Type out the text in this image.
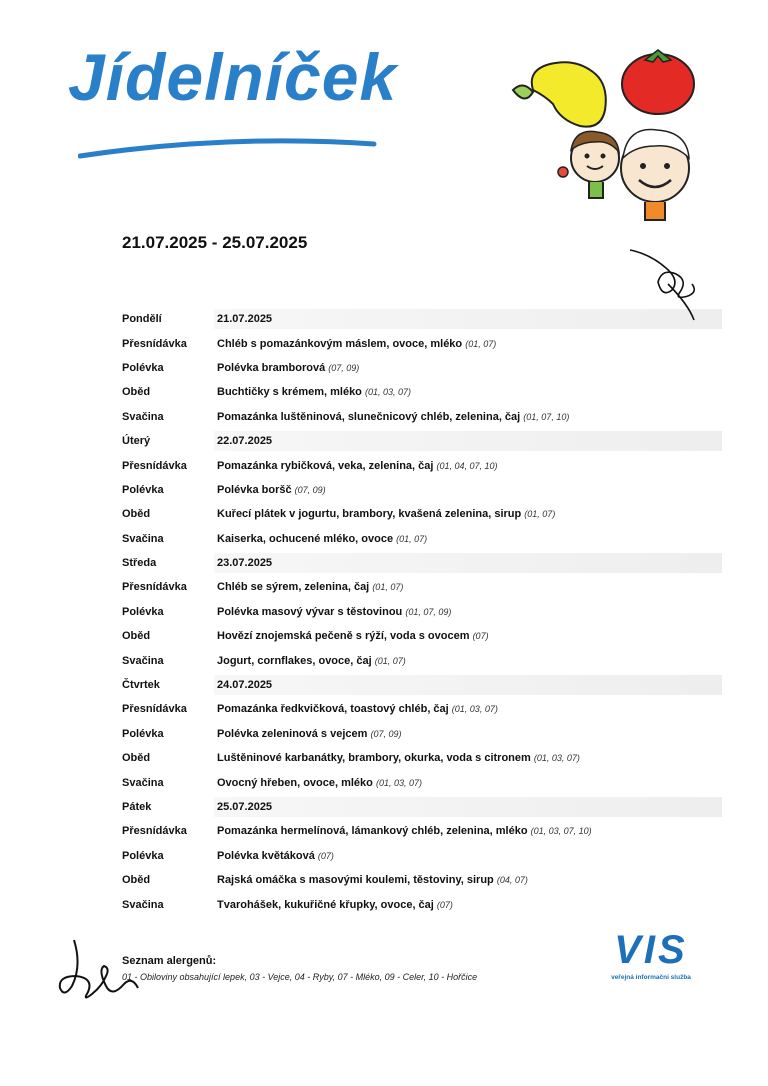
Jídelníček
21.07.2025 - 25.07.2025
Pondělí	21.07.2025
Přesnídávka	Chléb s pomazánkovým máslem, ovoce, mléko (01, 07)
Polévka	Polévka bramborová (07, 09)
Oběd	Buchtičky s krémem, mléko (01, 03, 07)
Svačina	Pomazánka luštěninová, slunečnicový chléb, zelenina, čaj (01, 07, 10)
Úterý	22.07.2025
Přesnídávka	Pomazánka rybičková, veka, zelenina, čaj (01, 04, 07, 10)
Polévka	Polévka boršč (07, 09)
Oběd	Kuřecí plátek v jogurtu, brambory, kvašená zelenina, sirup (01, 07)
Svačina	Kaiserka, ochucené mléko, ovoce (01, 07)
Středa	23.07.2025
Přesnídávka	Chléb se sýrem, zelenina, čaj (01, 07)
Polévka	Polévka masový vývar s těstovinou (01, 07, 09)
Oběd	Hovězí znojemská pečeně s rýží, voda s ovocem (07)
Svačina	Jogurt, cornflakes, ovoce, čaj (01, 07)
Čtvrtek	24.07.2025
Přesnídávka	Pomazánka ředkvičková, toastový chléb, čaj (01, 03, 07)
Polévka	Polévka zeleninová s vejcem (07, 09)
Oběd	Luštěninové karbanátky, brambory, okurka, voda s citronem (01, 03, 07)
Svačina	Ovocný hřeben, ovoce, mléko (01, 03, 07)
Pátek	25.07.2025
Přesnídávka	Pomazánka hermelínová, lámankový chléb, zelenina, mléko (01, 03, 07, 10)
Polévka	Polévka květáková (07)
Oběd	Rajská omáčka s masovými koulemi, těstoviny, sirup (04, 07)
Svačina	Tvarohášek, kukuřičné křupky, ovoce, čaj (07)
Seznam alergenů:
01 - Obiloviny obsahující lepek, 03 - Vejce, 04 - Ryby, 07 - Mléko, 09 - Celer, 10 - Hořčice
VIS
veřejná informační služba
